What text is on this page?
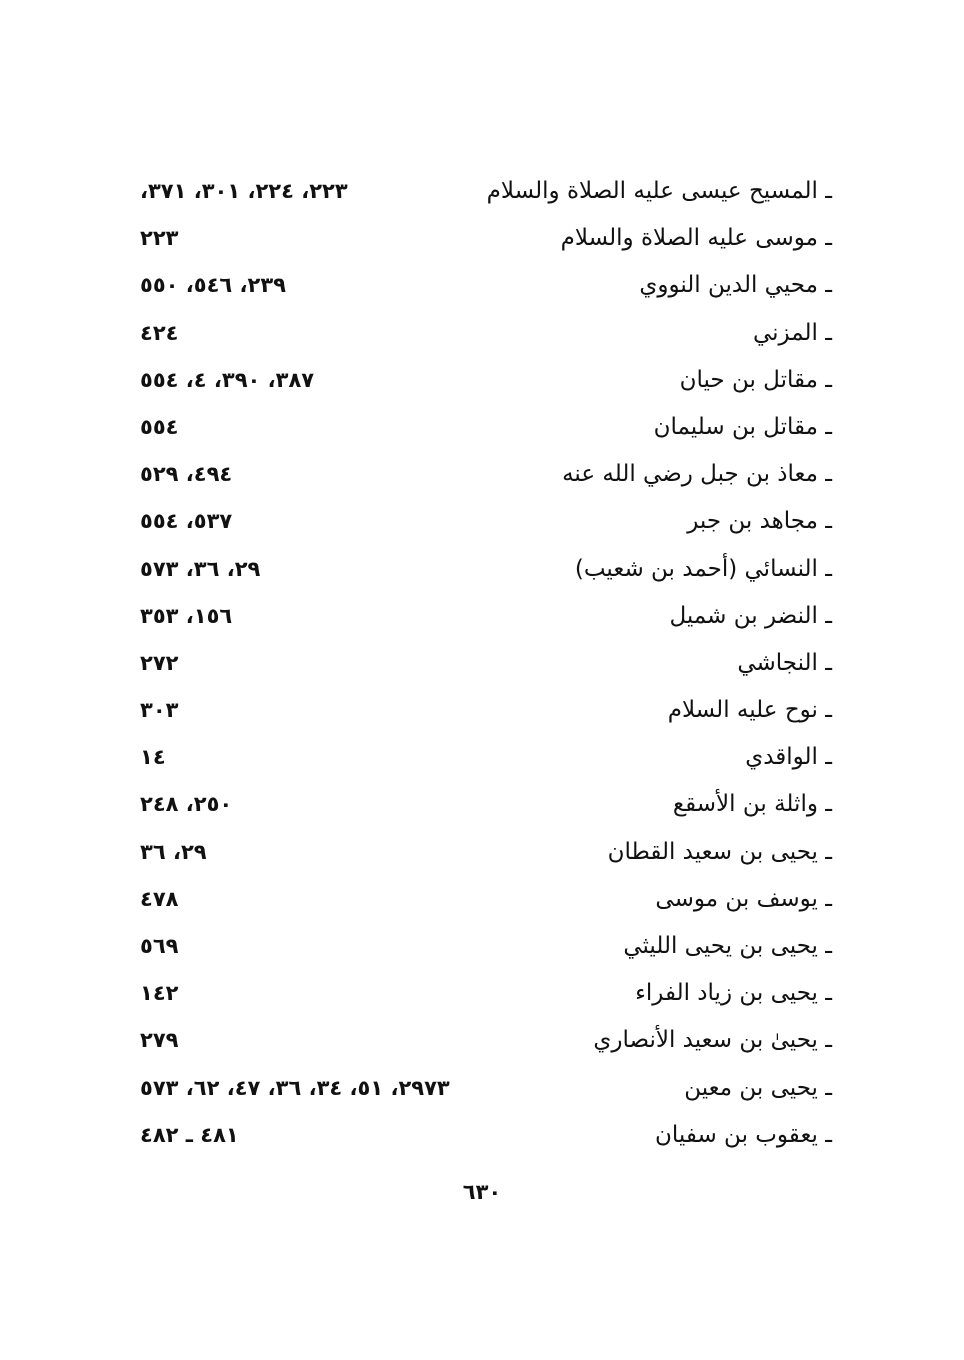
ـ المسيح عيسى عليه الصلاة والسلام
٢٢٣، ٢٢٤، ٣٠١، ٣٧١،
ـ موسى عليه الصلاة والسلام
٢٢٣
ـ محيي الدين النووي
٢٣٩، ٥٤٦، ٥٥٠
ـ المزني
٤٢٤
ـ مقاتل بن حيان
٣٨٧، ٣٩٠، ٤، ٥٥٤
ـ مقاتل بن سليمان
٥٥٤
ـ معاذ بن جبل رضي الله عنه
٤٩٤، ٥٢٩
ـ مجاهد بن جبر
٥٣٧، ٥٥٤
ـ النسائي (أحمد بن شعيب)
٢٩، ٣٦، ٥٧٣
ـ النضر بن شميل
١٥٦، ٣٥٣
ـ النجاشي
٢٧٢
ـ نوح عليه السلام
٣٠٣
ـ الواقدي
١٤
ـ واثلة بن الأسقع
٢٥٠، ٢٤٨
ـ يحيى بن سعيد القطان
٢٩، ٣٦
ـ يوسف بن موسى
٤٧٨
ـ يحيى بن يحيى الليثي
٥٦٩
ـ يحيى بن زياد الفراء
١٤٢
ـ يحيىٰ بن سعيد الأنصاري
٢٧٩
ـ يحيى بن معين
٢٩٧٣، ٥١، ٣٤، ٣٦، ٤٧، ٦٢، ٥٧٣
ـ يعقوب بن سفيان
٤٨١ ـ ٤٨٢
٦٣٠
